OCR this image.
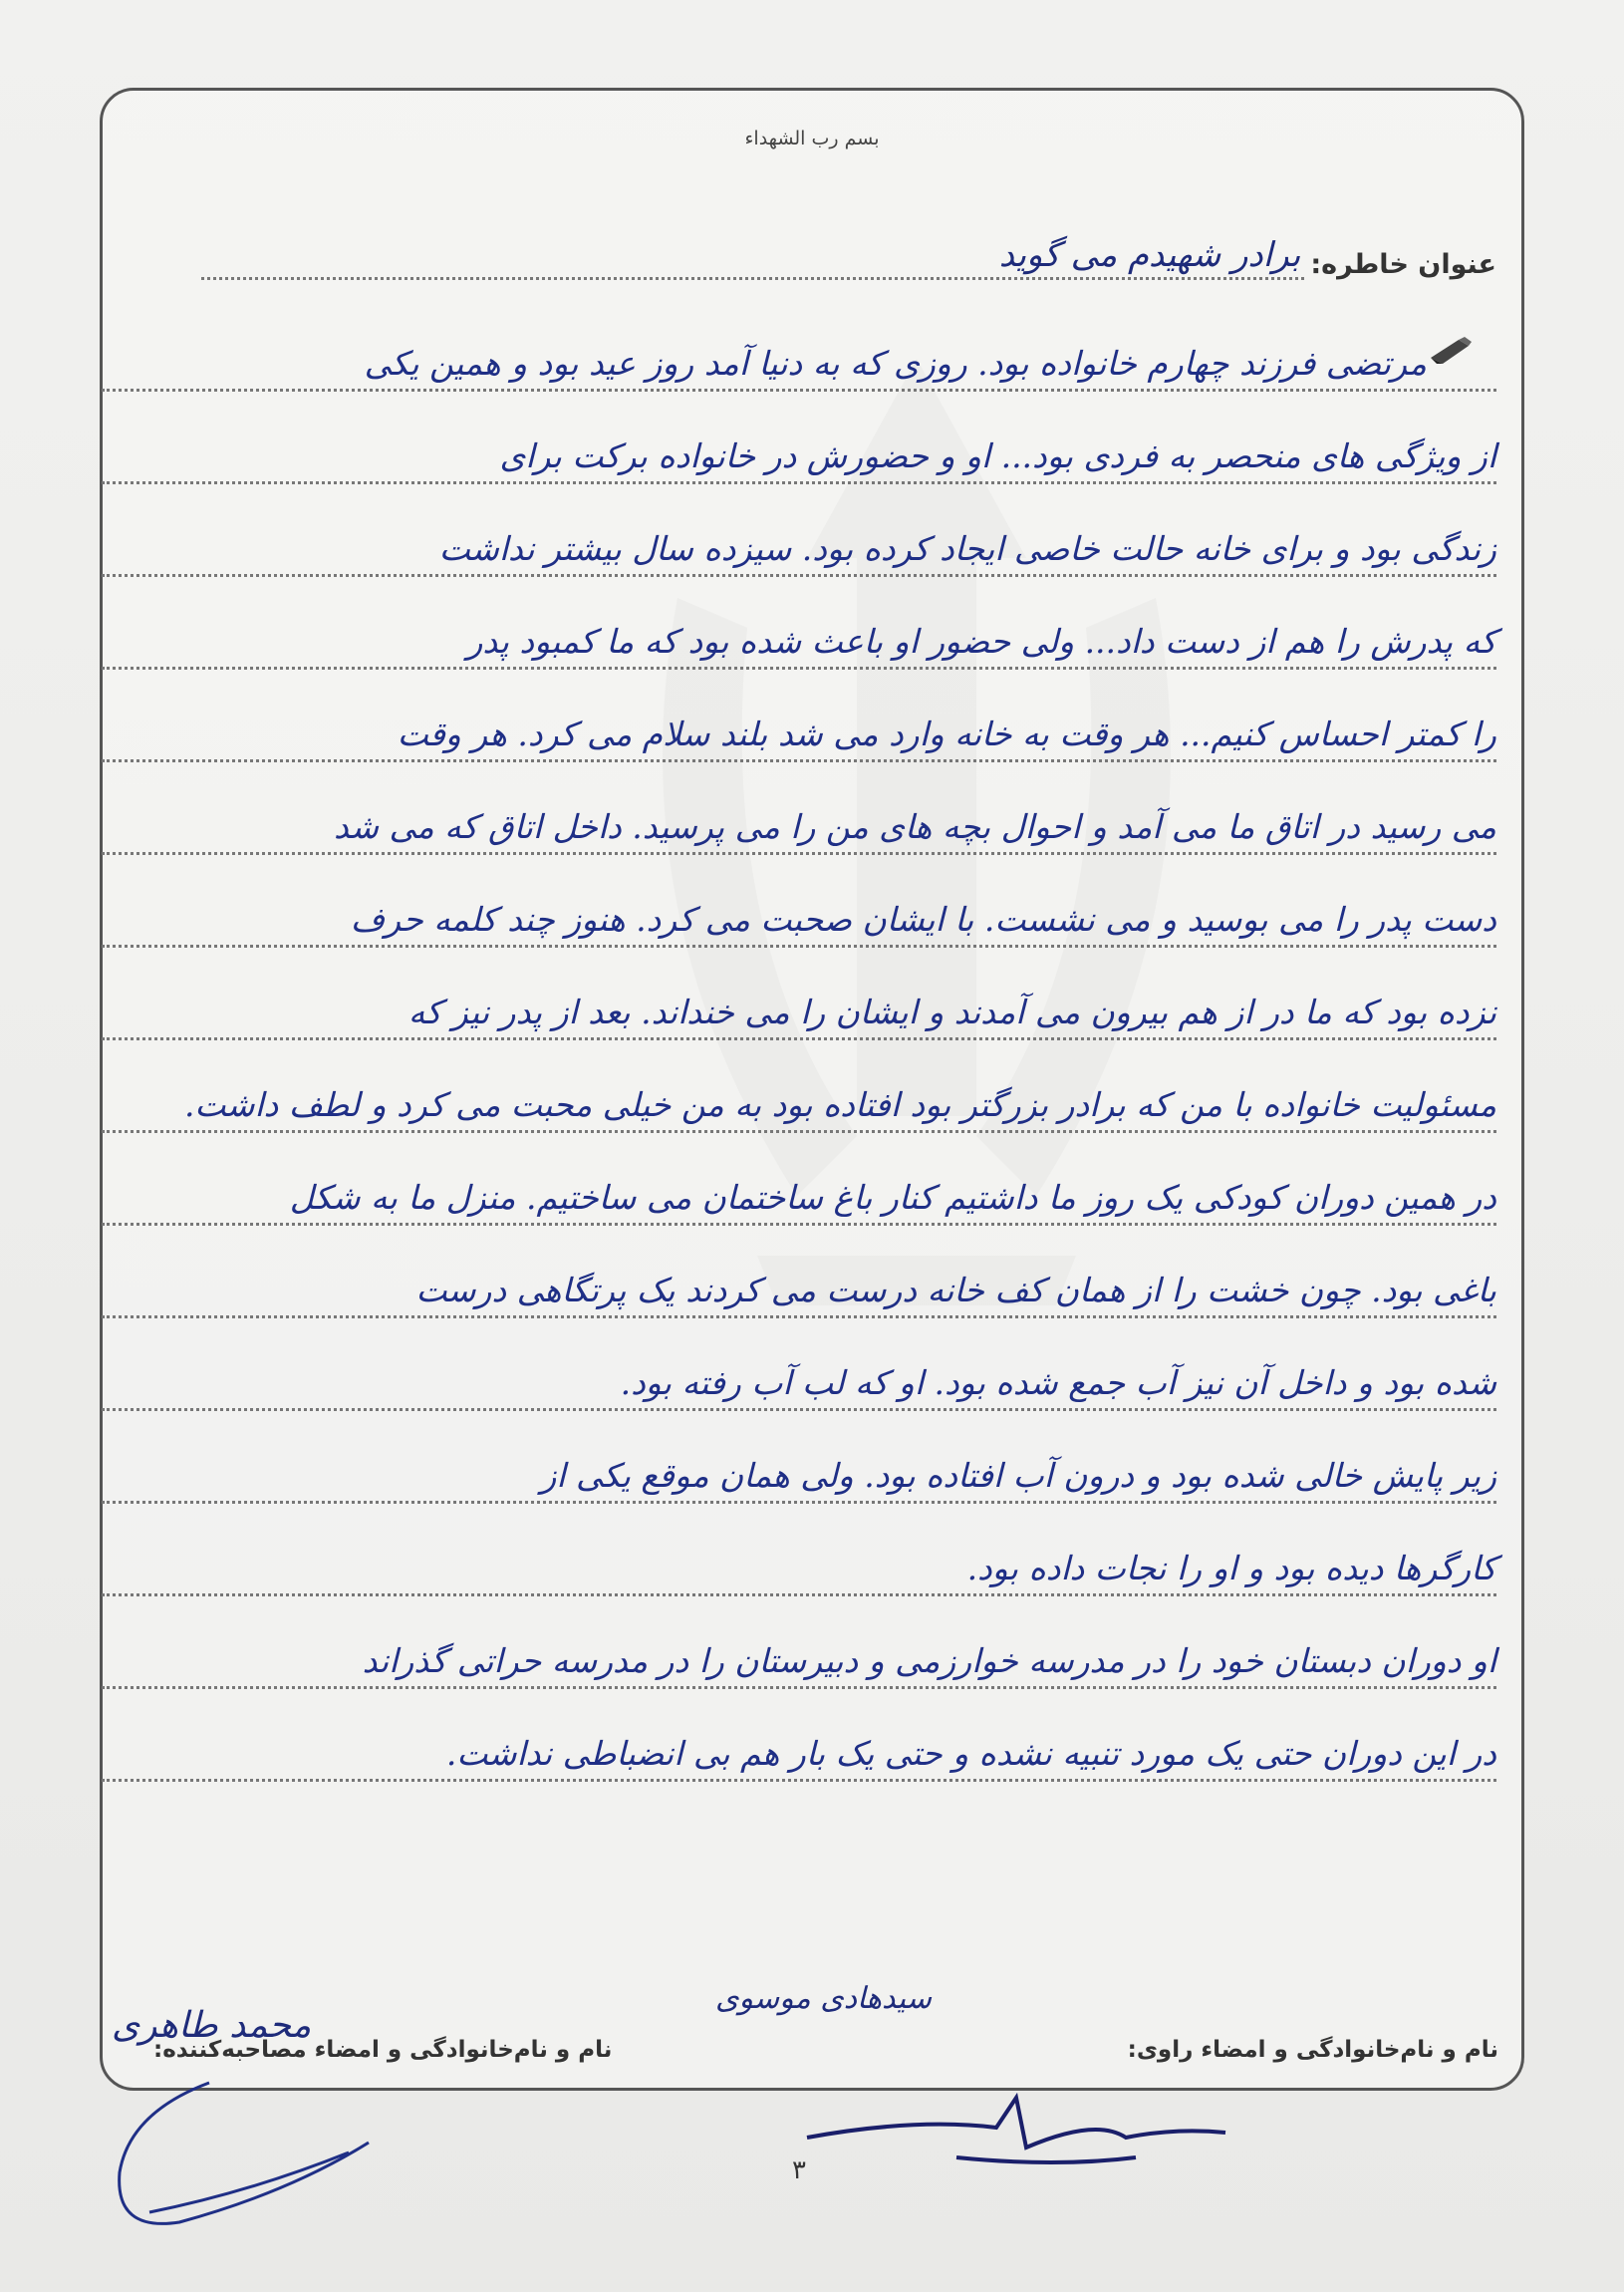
بسم رب الشهداء
عنوان خاطره:
برادر شهیدم می گوید
مرتضی فرزند چهارم خانواده بود. روزی که به دنیا آمد روز عید بود و همین یکی
از ویژگی های منحصر به فردی بود... او و حضورش در خانواده برکت برای
زندگی بود و برای خانه حالت خاصی ایجاد کرده بود. سیزده سال بیشتر نداشت
که پدرش را هم از دست داد... ولی حضور او باعث شده بود که ما کمبود پدر
را کمتر احساس کنیم... هر وقت به خانه وارد می شد بلند سلام می کرد. هر وقت
می رسید در اتاق ما می آمد و احوال بچه های من را می پرسید. داخل اتاق که می شد
دست پدر را می بوسید و می نشست. با ایشان صحبت می کرد. هنوز چند کلمه حرف
نزده بود که ما در از هم بیرون می آمدند و ایشان را می خنداند. بعد از پدر نیز که
مسئولیت خانواده با من که برادر بزرگتر بود افتاده بود به من خیلی محبت می کرد و لطف داشت.
در همین دوران کودکی یک روز ما داشتیم کنار باغ ساختمان می ساختیم. منزل ما به شکل
باغی بود. چون خشت را از همان کف خانه درست می کردند یک پرتگاهی درست
شده بود و داخل آن نیز آب جمع شده بود. او که لب آب رفته بود.
زیر پایش خالی شده بود و درون آب افتاده بود. ولی همان موقع یکی از
کارگرها دیده بود و او را نجات داده بود.
او دوران دبستان خود را در مدرسه خوارزمی و دبیرستان را در مدرسه حراتی گذراند
در این دوران حتی یک مورد تنبیه نشده و حتی یک بار هم بی انضباطی نداشت.
نام و نام‌خانوادگی و امضاء راوی:
نام و نام‌خانوادگی و امضاء مصاحبه‌کننده:
محمد طاهری
سیدهادی موسوی
۳
